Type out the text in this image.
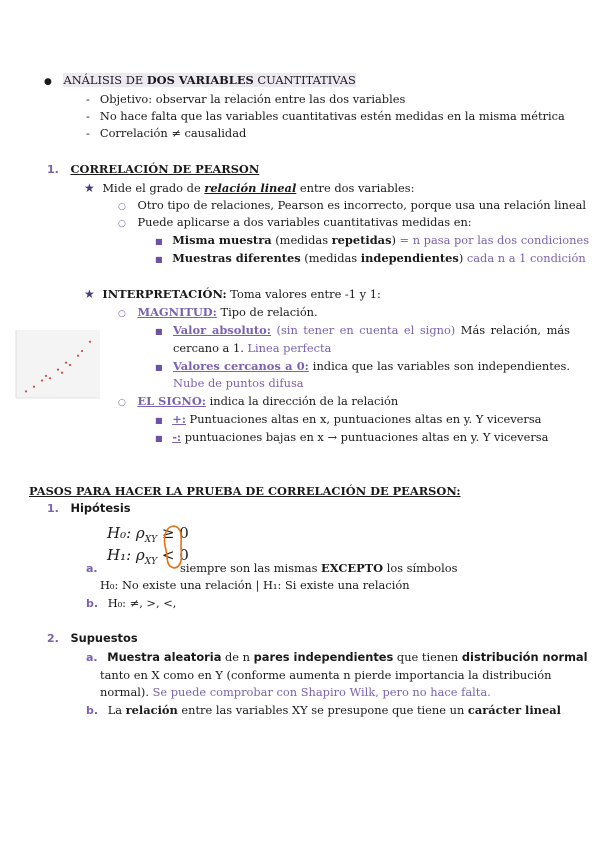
● ANÁLISIS DE DOS VARIABLES CUANTITATIVAS
- Objetivo: observar la relación entre las dos variables
- No hace falta que las variables cuantitativas estén medidas en la misma métrica
- Correlación ≠ causalidad
1. CORRELACIÓN DE PEARSON
★ Mide el grado de relación lineal entre dos variables:
○ Otro tipo de relaciones, Pearson es incorrecto, porque usa una relación lineal
○ Puede aplicarse a dos variables cuantitativas medidas en:
■ Misma muestra (medidas repetidas) = n pasa por las dos condiciones
■ Muestras diferentes (medidas independientes) cada n a 1 condición
★ INTERPRETACIÓN: Toma valores entre -1 y 1:
○ MAGNITUD: Tipo de relación.
■ Valor absoluto: (sin tener en cuenta el signo) Más relación, más
cercano a 1. Linea perfecta
■ Valores cercanos a 0: indica que las variables son independientes.
Nube de puntos difusa
○ EL SIGNO: indica la dirección de la relación
■ +: Puntuaciones altas en x, puntuaciones altas en y. Y viceversa
■ -: puntuaciones bajas en x → puntuaciones altas en y. Y viceversa
PASOS PARA HACER LA PRUEBA DE CORRELACIÓN DE PEARSON:
1. Hipótesis
H₀: $\rho_{XY} \ge 0$
H₁: $\rho_{XY} < 0$
a.	siempre son las mismas EXCEPTO los símbolos
H₀: No existe una relación | H₁: Si existe una relación
b. H₀: ≠, >, <,
2. Supuestos
a. Muestra aleatoria de n pares independientes que tienen distribución normal
tanto en X como en Y (conforme aumenta n pierde importancia la distribución
normal). Se puede comprobar con Shapiro Wilk, pero no hace falta.
b. La relación entre las variables XY se presupone que tiene un carácter lineal
